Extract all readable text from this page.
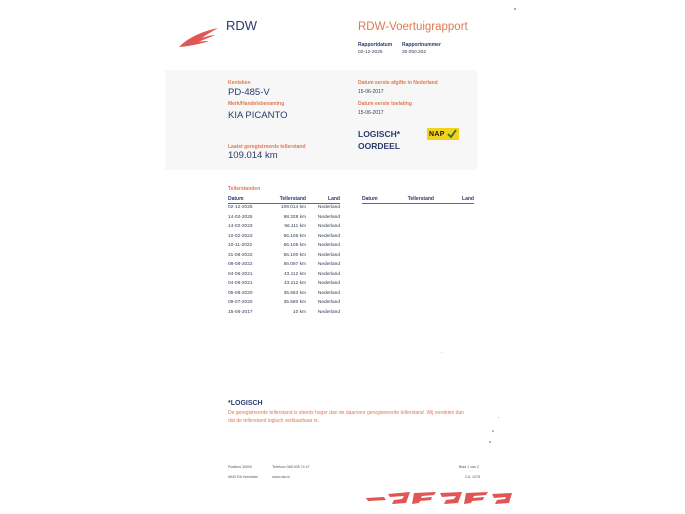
RDW	RDW-Voertuigrapport
Rapportdatum
02-12-2025
Rapportnummer
30.050.202
Kenteken
PD-485-V
Merk/Handelsbenaming
KIA PICANTO
Laatst geregistreerde tellerstand
109.014 km
Datum eerste afgifte in Nederland
15-06-2017
Datum eerste toelating
15-06-2017
LOGISCH*
OORDEEL
NAP
Tellerstanden
Datum	Tellerstand	Land
02-12-2025	109.014 km	Nederland
14-02-2025	98.328 km	Nederland
14-02-2023	56.111 km	Nederland
10-02-2023	56.106 km	Nederland
10-11-2022	56.105 km	Nederland
31-08-2022	56.100 km	Nederland
08-08-2022	56.097 km	Nederland
04-06-2021	43.112 km	Nederland
04-06-2021	43.112 km	Nederland
05-08-2020	35.583 km	Nederland
09-07-2020	35.580 km	Nederland
15-06-2017	10 km	Nederland
Datum	Tellerstand	Land
*LOGISCH
De geregistreerde tellerstand is steeds hoger dan de daarvoor geregistreerde tellerstand. Wij oordelen dan
dat de tellerstand logisch verklaarbaar is.
Postbus 30000
9640 RA Veendam
Telefoon 088 008 74 47
www.rdw.nl
Blad 1 van 2
2.6. 1078
